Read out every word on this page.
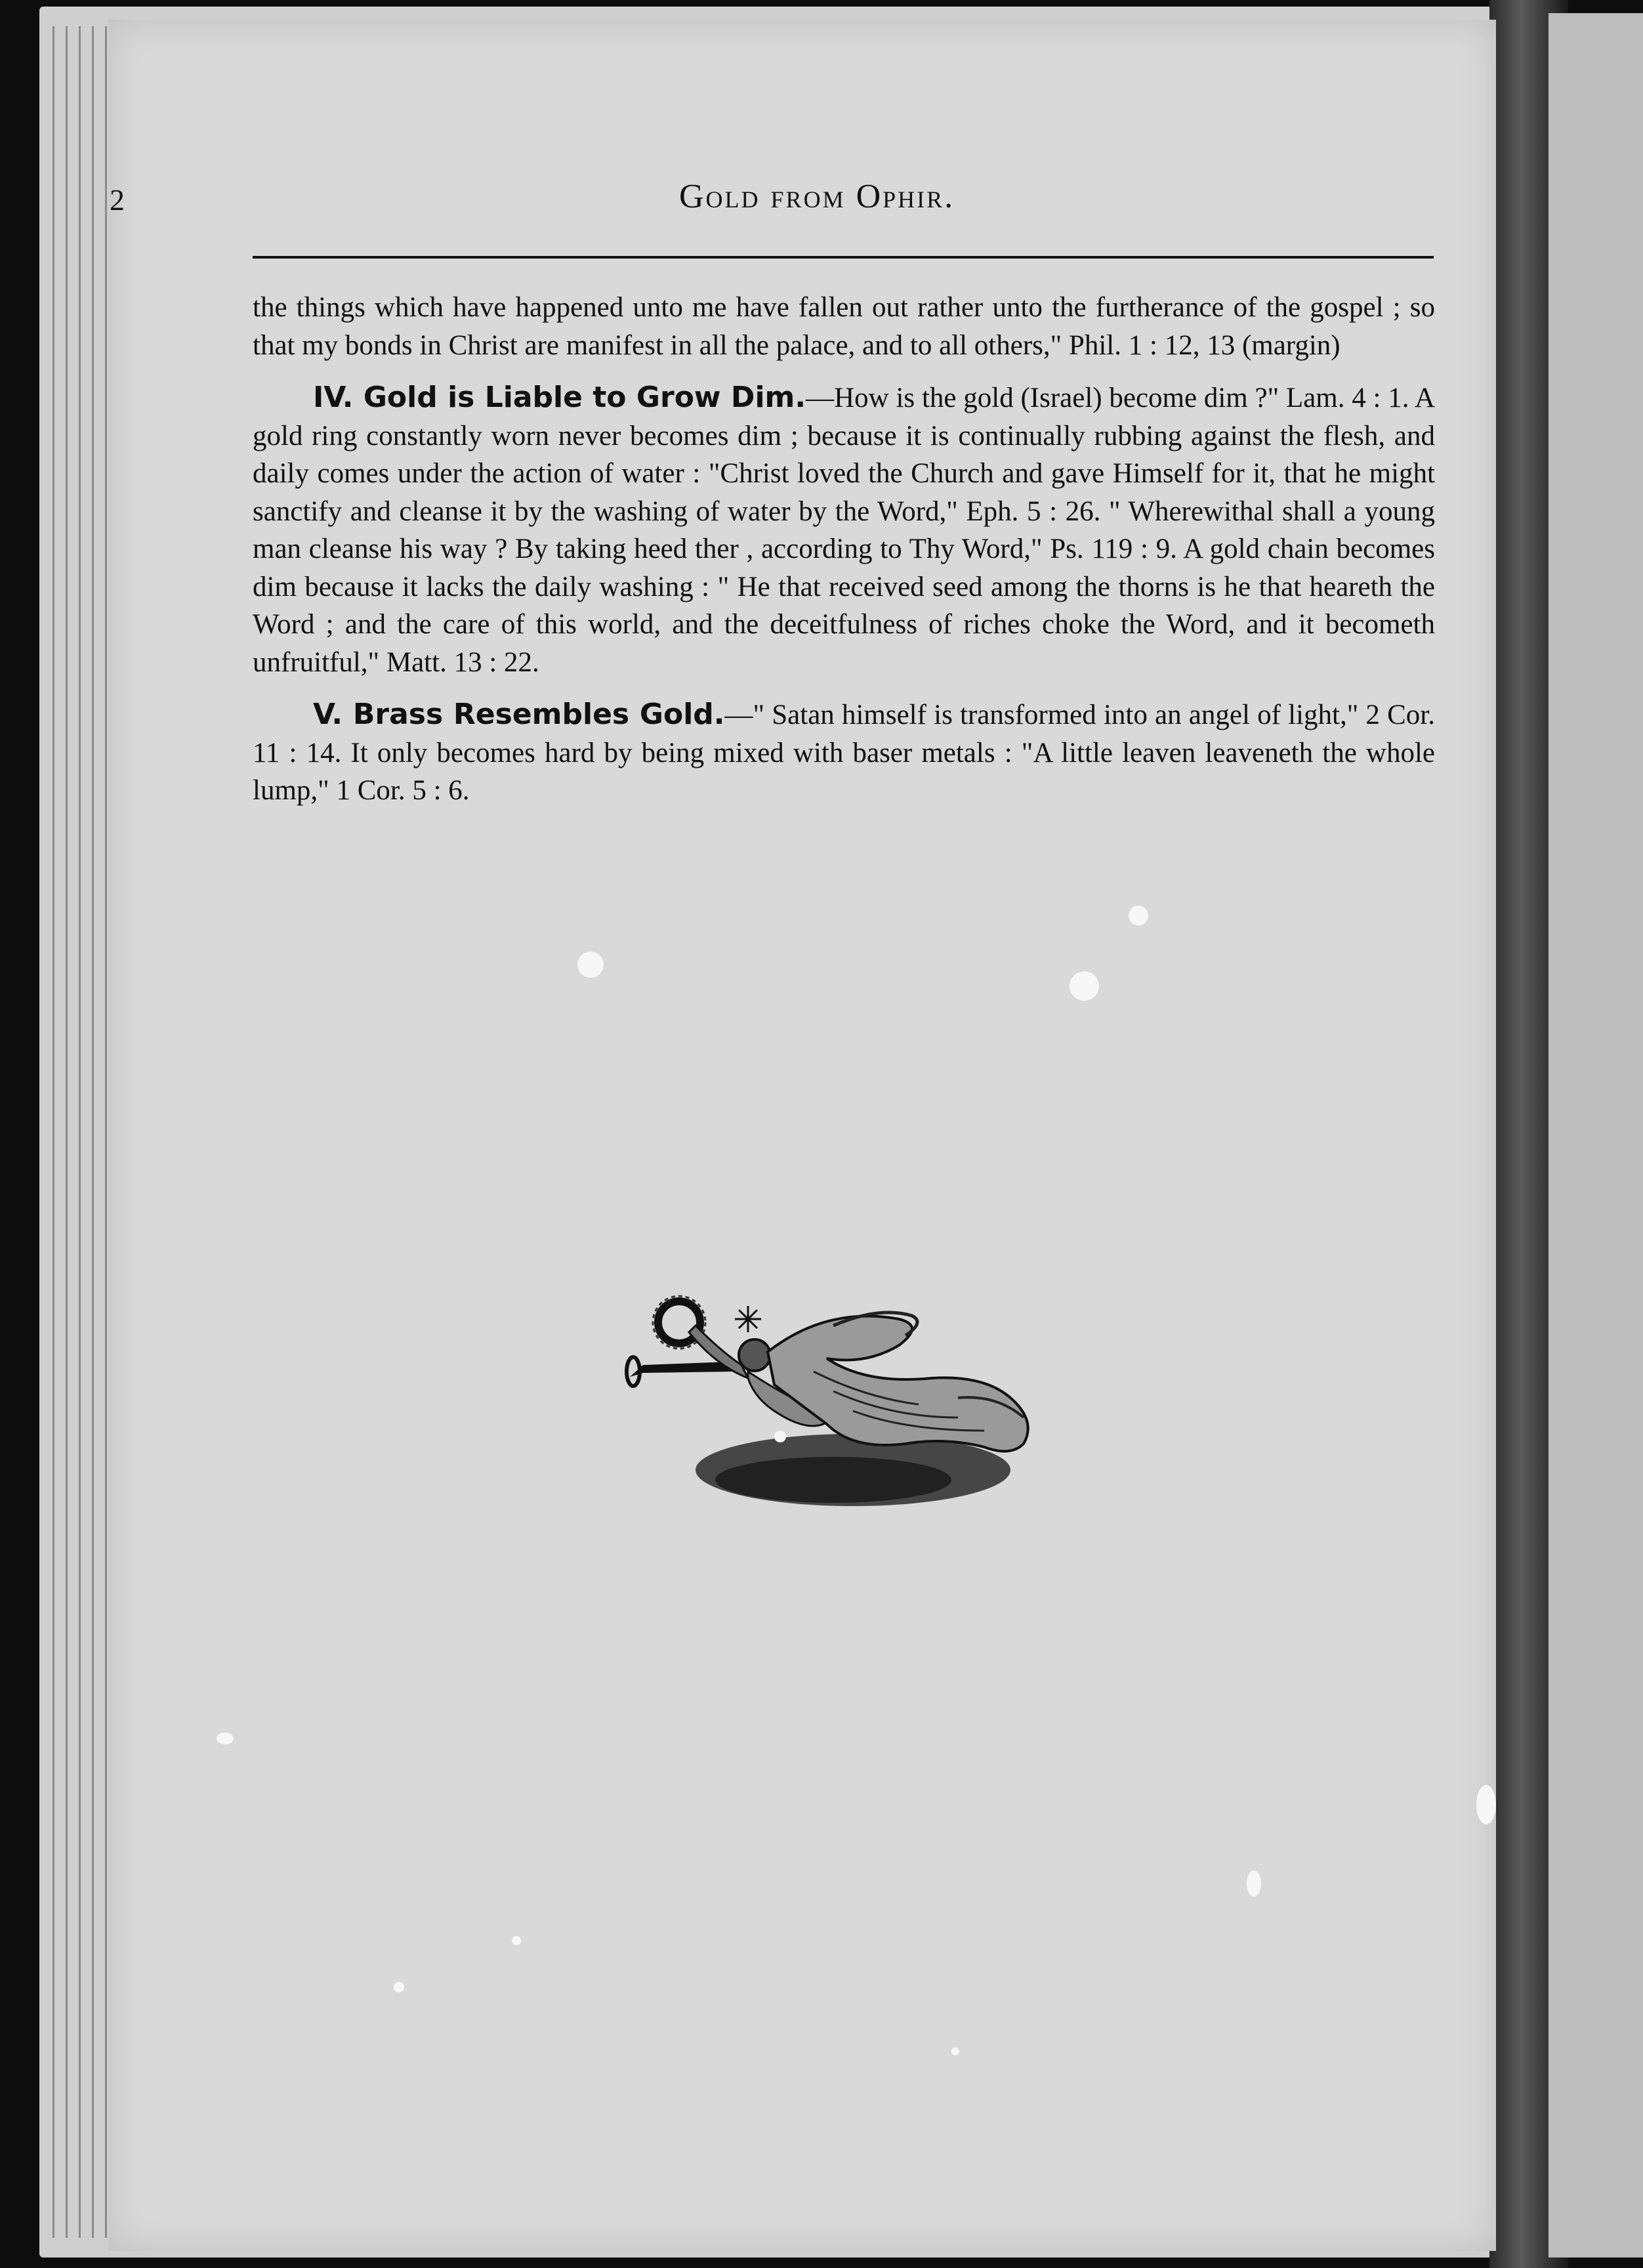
2	Gold from Ophir.

the things which have happened unto me have fallen out rather unto the furtherance of the gospel ; so that my bonds in Christ are manifest in all the palace, and to all others," Phil. 1 : 12, 13 (margin)

IV. Gold is Liable to Grow Dim.—How is the gold (Israel) become dim ?" Lam. 4 : 1. A gold ring constantly worn never becomes dim ; because it is continually rubbing against the flesh, and daily comes under the action of water : "Christ loved the Church and gave Himself for it, that he might sanctify and cleanse it by the washing of water by the Word," Eph. 5 : 26. " Wherewithal shall a young man cleanse his way ? By taking heed ther , according to Thy Word," Ps. 119 : 9. A gold chain becomes dim because it lacks the daily washing : " He that received seed among the thorns is he that heareth the Word ; and the care of this world, and the deceitfulness of riches choke the Word, and it becometh unfruitful," Matt. 13 : 22.

V. Brass Resembles Gold.—" Satan himself is transformed into an angel of light," 2 Cor. 11 : 14. It only becomes hard by being mixed with baser metals : "A little leaven leaveneth the whole lump," 1 Cor. 5 : 6.
